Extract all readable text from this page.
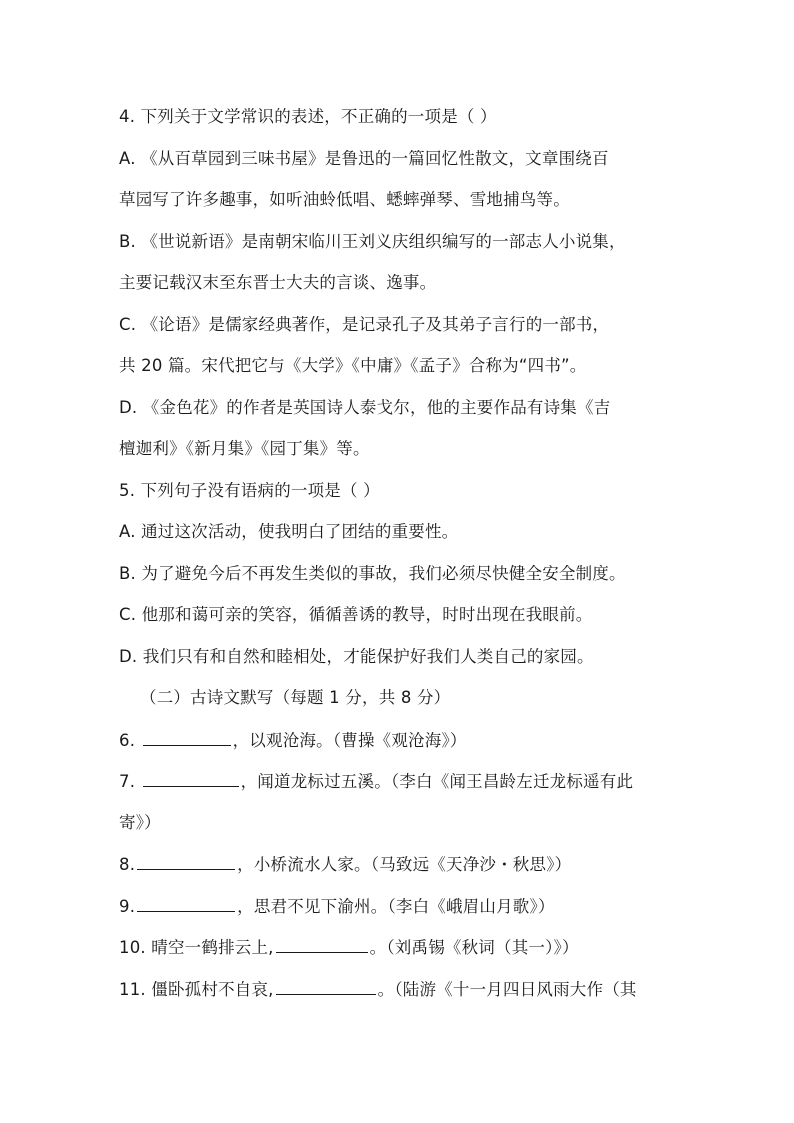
4. 下列关于文学常识的表述，不正确的一项是（ ）
A. 《从百草园到三味书屋》是鲁迅的一篇回忆性散文，文章围绕百
草园写了许多趣事，如听油蛉低唱、蟋蟀弹琴、雪地捕鸟等。
B. 《世说新语》是南朝宋临川王刘义庆组织编写的一部志人小说集，
主要记载汉末至东晋士大夫的言谈、逸事。
C. 《论语》是儒家经典著作，是记录孔子及其弟子言行的一部书，
共 20 篇。宋代把它与《大学》《中庸》《孟子》合称为“四书”。
D. 《金色花》的作者是英国诗人泰戈尔，他的主要作品有诗集《吉
檀迦利》《新月集》《园丁集》等。
5. 下列句子没有语病的一项是（ ）
A. 通过这次活动，使我明白了团结的重要性。
B. 为了避免今后不再发生类似的事故，我们必须尽快健全安全制度。
C. 他那和蔼可亲的笑容，循循善诱的教导，时时出现在我眼前。
D. 我们只有和自然和睦相处，才能保护好我们人类自己的家园。
（二）古诗文默写（每题 1 分，共 8 分）
6.	，以观沧海。（曹操《观沧海》）
7.	，闻道龙标过五溪。（李白《闻王昌龄左迁龙标遥有此
寄》）
8.	，小桥流水人家。（马致远《天净沙・秋思》）
9.	，思君不见下渝州。（李白《峨眉山月歌》）
10. 晴空一鹤排云上,	。（刘禹锡《秋词（其一）》）
11. 僵卧孤村不自哀,	。（陆游《十一月四日风雨大作（其
